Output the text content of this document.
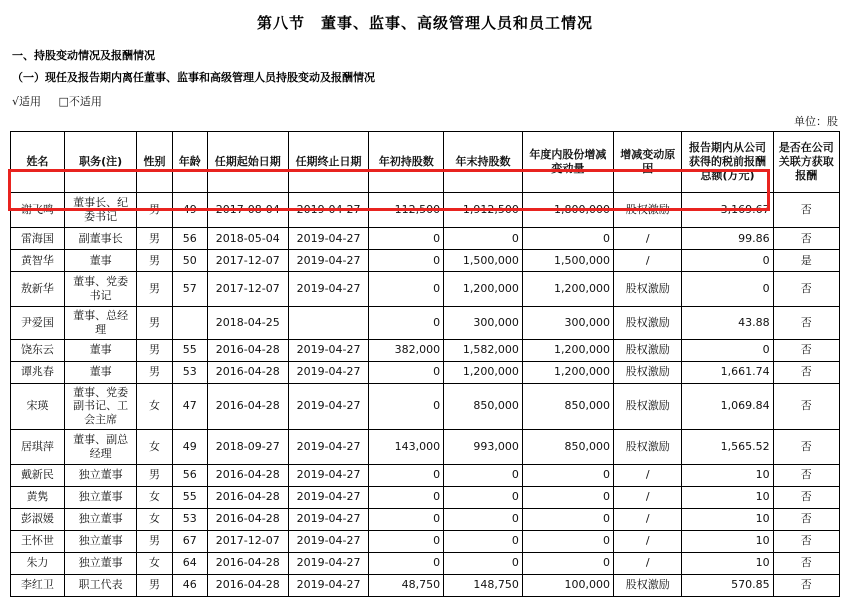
第八节　董事、监事、高级管理人员和员工情况
一、持股变动情况及报酬情况
（一）现任及报告期内离任董事、监事和高级管理人员持股变动及报酬情况
√适用 □不适用
单位：股
姓名	职务(注)	性别	年龄	任期起始日期	任期终止日期	年初持股数	年末持股数	年度内股份增减变动量	增减变动原因	报告期内从公司获得的税前报酬总额(万元)	是否在公司关联方获取报酬
谢飞鸣	董事长、纪委书记	男	49	2017-08-04	2019-04-27	112,500	1,912,500	1,800,000	股权激励	3,169.67	否
雷海国	副董事长	男	56	2018-05-04	2019-04-27	0	0	0	/	99.86	否
黄智华	董事	男	50	2017-12-07	2019-04-27	0	1,500,000	1,500,000	/	0	是
敖新华	董事、党委书记	男	57	2017-12-07	2019-04-27	0	1,200,000	1,200,000	股权激励	0	否
尹爱国	董事、总经理	男		2018-04-25		0	300,000	300,000	股权激励	43.88	否
饶东云	董事	男	55	2016-04-28	2019-04-27	382,000	1,582,000	1,200,000	股权激励	0	否
谭兆春	董事	男	53	2016-04-28	2019-04-27	0	1,200,000	1,200,000	股权激励	1,661.74	否
宋瑛	董事、党委副书记、工会主席	女	47	2016-04-28	2019-04-27	0	850,000	850,000	股权激励	1,069.84	否
居琪萍	董事、副总经理	女	49	2018-09-27	2019-04-27	143,000	993,000	850,000	股权激励	1,565.52	否
戴新民	独立董事	男	56	2016-04-28	2019-04-27	0	0	0	/	10	否
黄隽	独立董事	女	55	2016-04-28	2019-04-27	0	0	0	/	10	否
彭淑媛	独立董事	女	53	2016-04-28	2019-04-27	0	0	0	/	10	否
王怀世	独立董事	男	67	2017-12-07	2019-04-27	0	0	0	/	10	否
朱力	独立董事	女	64	2016-04-28	2019-04-27	0	0	0	/	10	否
李红卫	职工代表	男	46	2016-04-28	2019-04-27	48,750	148,750	100,000	股权激励	570.85	否
